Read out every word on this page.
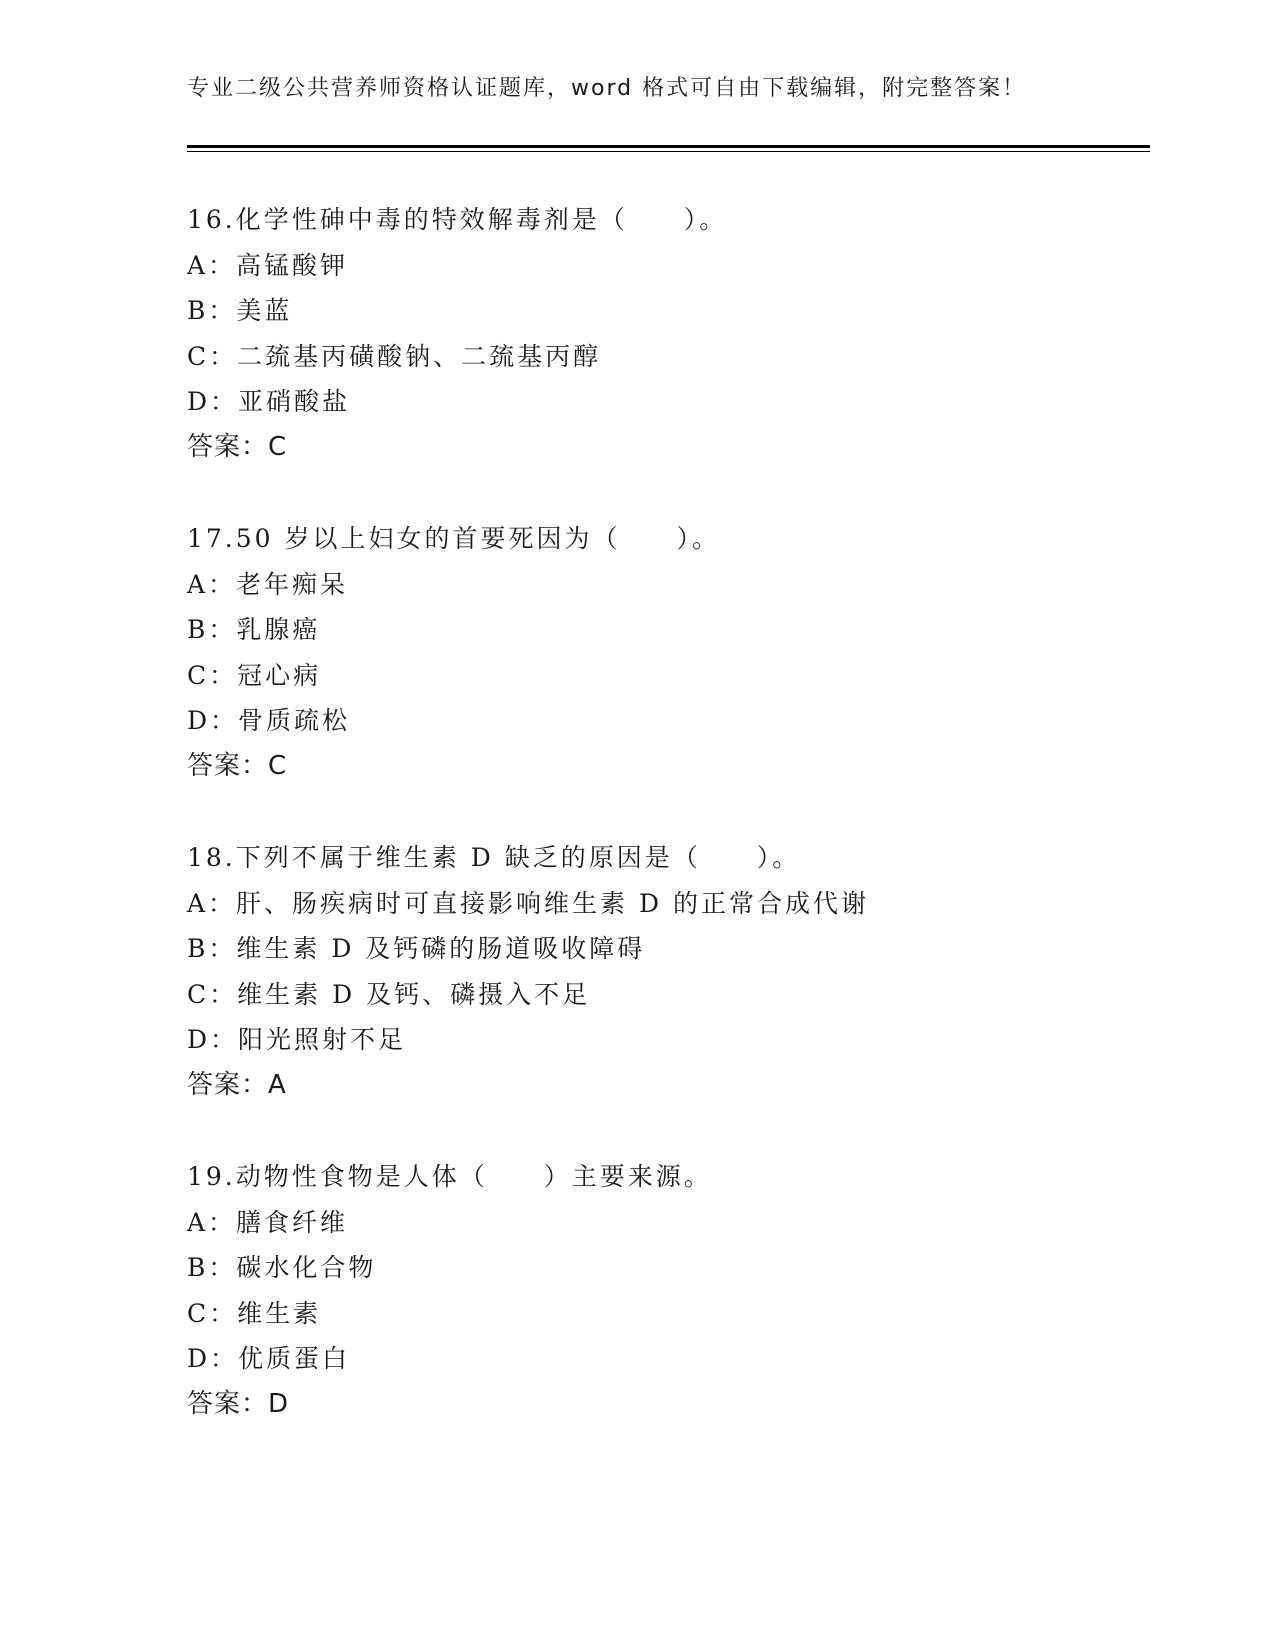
专业二级公共营养师资格认证题库，word 格式可自由下载编辑，附完整答案！
16.化学性砷中毒的特效解毒剂是（　　）。
A：高锰酸钾
B：美蓝
C：二巯基丙磺酸钠、二巯基丙醇
D：亚硝酸盐
答案：C
17.50 岁以上妇女的首要死因为（　　）。
A：老年痴呆
B：乳腺癌
C：冠心病
D：骨质疏松
答案：C
18.下列不属于维生素 D 缺乏的原因是（　　）。
A：肝、肠疾病时可直接影响维生素 D 的正常合成代谢
B：维生素 D 及钙磷的肠道吸收障碍
C：维生素 D 及钙、磷摄入不足
D：阳光照射不足
答案：A
19.动物性食物是人体（　　）主要来源。
A：膳食纤维
B：碳水化合物
C：维生素
D：优质蛋白
答案：D
